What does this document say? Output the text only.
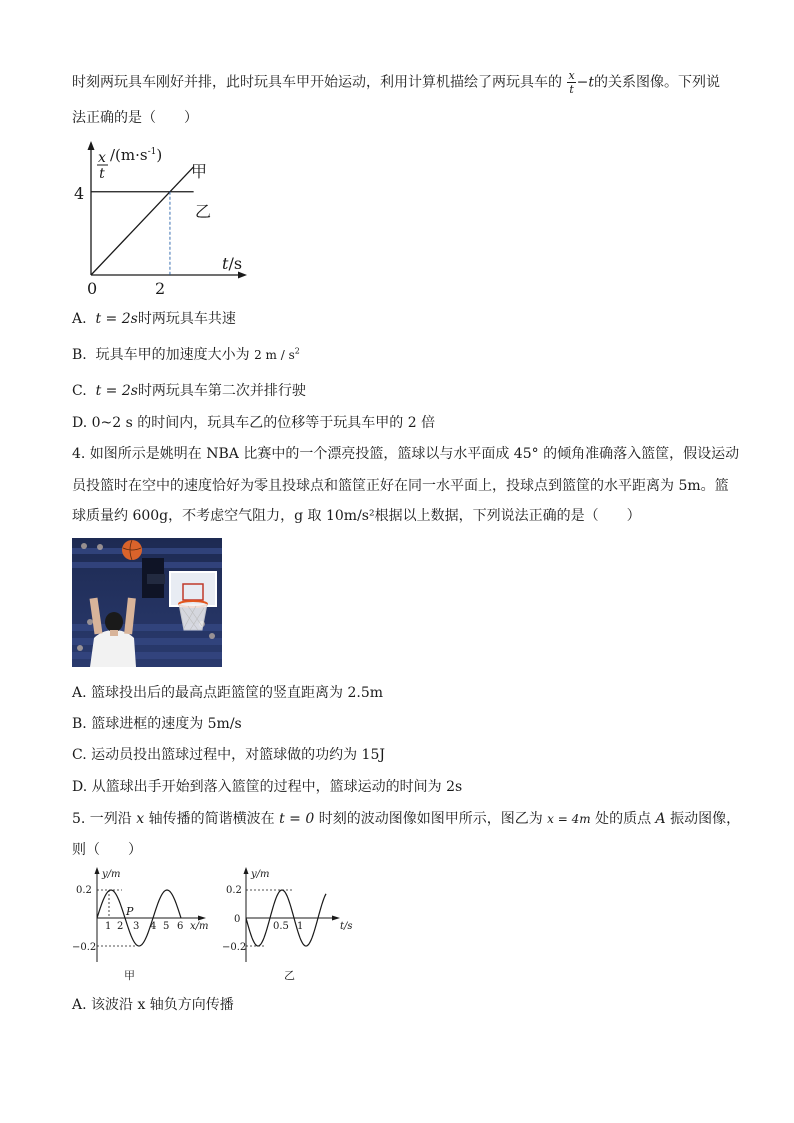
时刻两玩具车刚好并排，此时玩具车甲开始运动，利用计算机描绘了两玩具车的 $\frac{x}{t} -t$的关系图像。下列说
法正确的是（　　）
x
t
$/(m\cdot s^{-1})$
4
2
0
t/s
甲
乙
A. t = 2s时两玩具车共速
B. 玩具车甲的加速度大小为 2 m / $s^2$
C. t = 2s时两玩具车第二次并排行驶
D. 0~2 s 的时间内，玩具车乙的位移等于玩具车甲的 2 倍
4. 如图所示是姚明在 NBA 比赛中的一个漂亮投篮，篮球以与水平面成 45° 的倾角准确落入篮筐，假设运动
员投篮时在空中的速度恰好为零且投球点和篮筐正好在同一水平面上，投球点到篮筐的水平距离为 5m。篮
球质量约 600g，不考虑空气阻力，g 取 10m/s²根据以上数据，下列说法正确的是（　　）
A. 篮球投出后的最高点距篮筐的竖直距离为 2.5m
B. 篮球进框的速度为 5m/s
C. 运动员投出篮球过程中，对篮球做的功约为 15J
D. 从篮球出手开始到落入篮筐的过程中，篮球运动的时间为 2s
5. 一列沿 x 轴传播的简谐横波在 t = 0 时刻的波动图像如图甲所示，图乙为 x = 4m 处的质点 A 振动图像，
则（　　）
y/m
0.2
−0.2
1 2 3 4 5 6 x/m
P
甲
y/m
0.2
0
−0.2
0.5 1	t/s
乙
A. 该波沿 x 轴负方向传播
